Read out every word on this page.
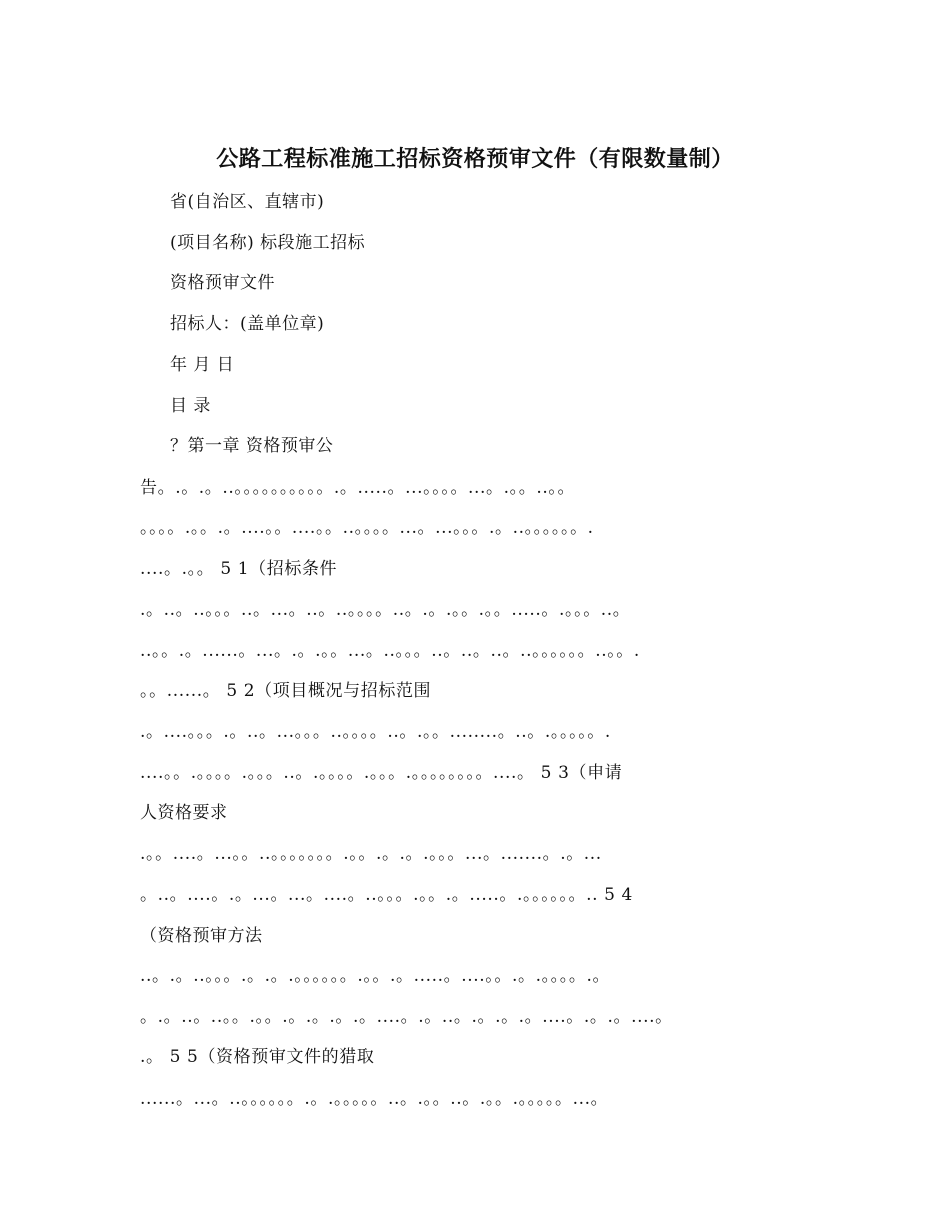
公路工程标准施工招标资格预审文件（有限数量制）
省(自治区、直辖市)
(项目名称) 标段施工招标
资格预审文件
招标人：(盖单位章)
年 月 日
目 录
？第一章 资格预审公
告。.。.。..。。。。。。。。。。.。.....。...。。。。...。.。。..。。
。。。。.。。.。....。。....。。..。。。。...。...。。。.。..。。。。。。.
....。.。。 5 1（招标条件
.。..。..。。。..。...。..。..。。。。..。.。.。。.。。.....。.。。。..。
..。。.。......。...。.。.。。...。..。。。..。..。..。..。。。。。。..。。.
。。......。 5 2（项目概况与招标范围
.。....。。。.。..。...。。。..。。。。..。.。。........。..。.。。。。。.
....。。.。。。。.。。。..。.。。。。.。。。.。。。。。。。。....。 5 3（申请
人资格要求
.。。....。...。。..。。。。。。。.。。.。.。.。。。...。.......。.。...
。..。....。.。...。...。....。..。。。.。。.。.....。.。。。。。。.. 5 4
（资格预审方法
..。.。..。。。.。.。.。。。。。。.。。.。.....。....。。.。.。。。。.。
。.。..。..。。.。。.。.。.。.。....。.。..。.。.。.。....。.。.。....。
.。 5 5（资格预审文件的猎取
......。...。..。。。。。。.。.。。。。。..。.。。..。.。。.。。。。。...。
